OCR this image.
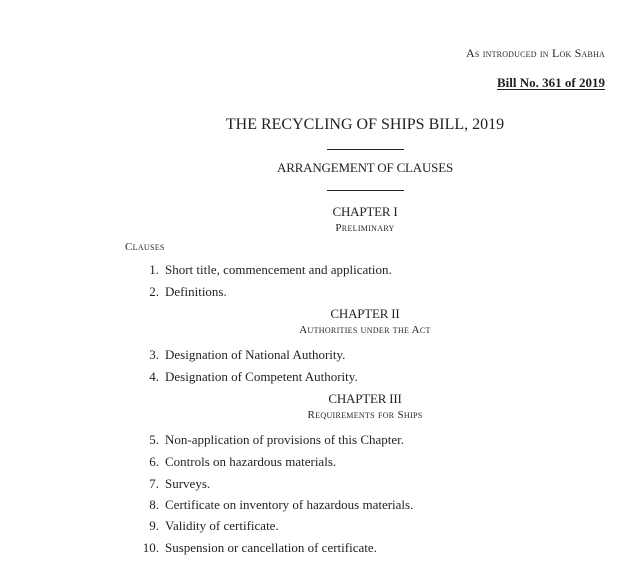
As introduced in Lok Sabha
Bill No. 361 of 2019
THE RECYCLING OF SHIPS BILL, 2019
ARRANGEMENT OF CLAUSES
CHAPTER I
Preliminary
Clauses
1. Short title, commencement and application.
2. Definitions.
CHAPTER II
Authorities under the Act
3. Designation of National Authority.
4. Designation of Competent Authority.
CHAPTER III
Requirements for Ships
5. Non-application of provisions of this Chapter.
6. Controls on hazardous materials.
7. Surveys.
8. Certificate on inventory of hazardous materials.
9. Validity of certificate.
10. Suspension or cancellation of certificate.
